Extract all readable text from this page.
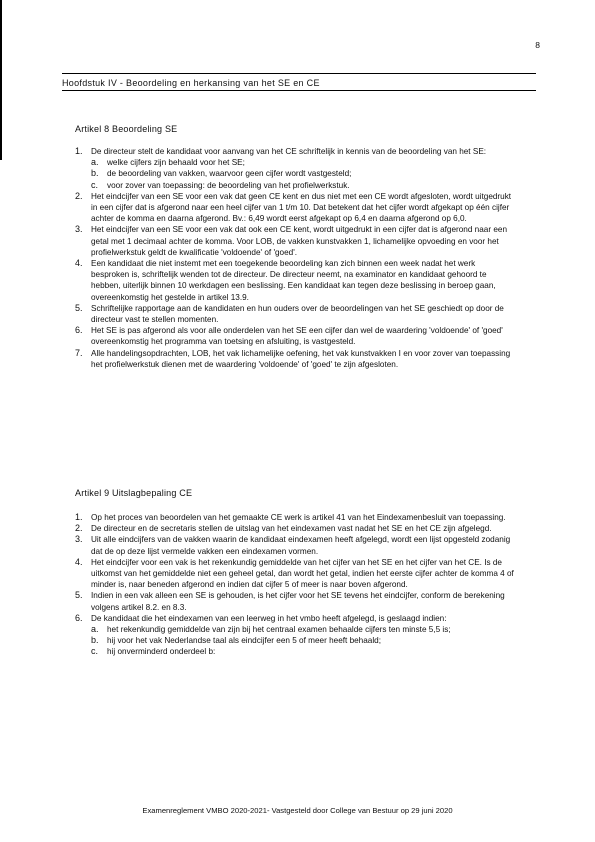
8
Hoofdstuk IV - Beoordeling en herkansing van het SE en CE
Artikel 8 Beoordeling SE
1. De directeur stelt de kandidaat voor aanvang van het CE schriftelijk in kennis van de beoordeling van het SE:
a. welke cijfers zijn behaald voor het SE;
b. de beoordeling van vakken, waarvoor geen cijfer wordt vastgesteld;
c. voor zover van toepassing: de beoordeling van het profielwerkstuk.
2. Het eindcijfer van een SE voor een vak dat geen CE kent en dus niet met een CE wordt afgesloten, wordt uitgedrukt in een cijfer dat is afgerond naar een heel cijfer van 1 t/m 10. Dat betekent dat het cijfer wordt afgekapt op één cijfer achter de komma en daarna afgerond. Bv.: 6,49 wordt eerst afgekapt op 6,4 en daarna afgerond op 6,0.
3. Het eindcijfer van een SE voor een vak dat ook een CE kent, wordt uitgedrukt in een cijfer dat is afgerond naar een getal met 1 decimaal achter de komma. Voor LOB, de vakken kunstvakken 1, lichamelijke opvoeding en voor het profielwerkstuk geldt de kwalificatie 'voldoende' of 'goed'.
4. Een kandidaat die niet instemt met een toegekende beoordeling kan zich binnen een week nadat het werk besproken is, schriftelijk wenden tot de directeur. De directeur neemt, na examinator en kandidaat gehoord te hebben, uiterlijk binnen 10 werkdagen een beslissing. Een kandidaat kan tegen deze beslissing in beroep gaan, overeenkomstig het gestelde in artikel 13.9.
5. Schriftelijke rapportage aan de kandidaten en hun ouders over de beoordelingen van het SE geschiedt op door de directeur vast te stellen momenten.
6. Het SE is pas afgerond als voor alle onderdelen van het SE een cijfer dan wel de waardering 'voldoende' of 'goed' overeenkomstig het programma van toetsing en afsluiting, is vastgesteld.
7. Alle handelingsopdrachten, LOB, het vak lichamelijke oefening, het vak kunstvakken I en voor zover van toepassing het profielwerkstuk dienen met de waardering 'voldoende' of 'goed' te zijn afgesloten.
Artikel 9 Uitslagbepaling CE
1. Op het proces van beoordelen van het gemaakte CE werk is artikel 41 van het Eindexamenbesluit van toepassing.
2. De directeur en de secretaris stellen de uitslag van het eindexamen vast nadat het SE en het CE zijn afgelegd.
3. Uit alle eindcijfers van de vakken waarin de kandidaat eindexamen heeft afgelegd, wordt een lijst opgesteld zodanig dat de op deze lijst vermelde vakken een eindexamen vormen.
4. Het eindcijfer voor een vak is het rekenkundig gemiddelde van het cijfer van het SE en het cijfer van het CE. Is de uitkomst van het gemiddelde niet een geheel getal, dan wordt het getal, indien het eerste cijfer achter de komma 4 of minder is, naar beneden afgerond en indien dat cijfer 5 of meer is naar boven afgerond.
5. Indien in een vak alleen een SE is gehouden, is het cijfer voor het SE tevens het eindcijfer, conform de berekening volgens artikel 8.2. en 8.3.
6. De kandidaat die het eindexamen van een leerweg in het vmbo heeft afgelegd, is geslaagd indien:
a. het rekenkundig gemiddelde van zijn bij het centraal examen behaalde cijfers ten minste 5,5 is;
b. hij voor het vak Nederlandse taal als eindcijfer een 5 of meer heeft behaald;
c. hij onverminderd onderdeel b:
Examenreglement VMBO 2020-2021- Vastgesteld door College van Bestuur op 29 juni 2020
